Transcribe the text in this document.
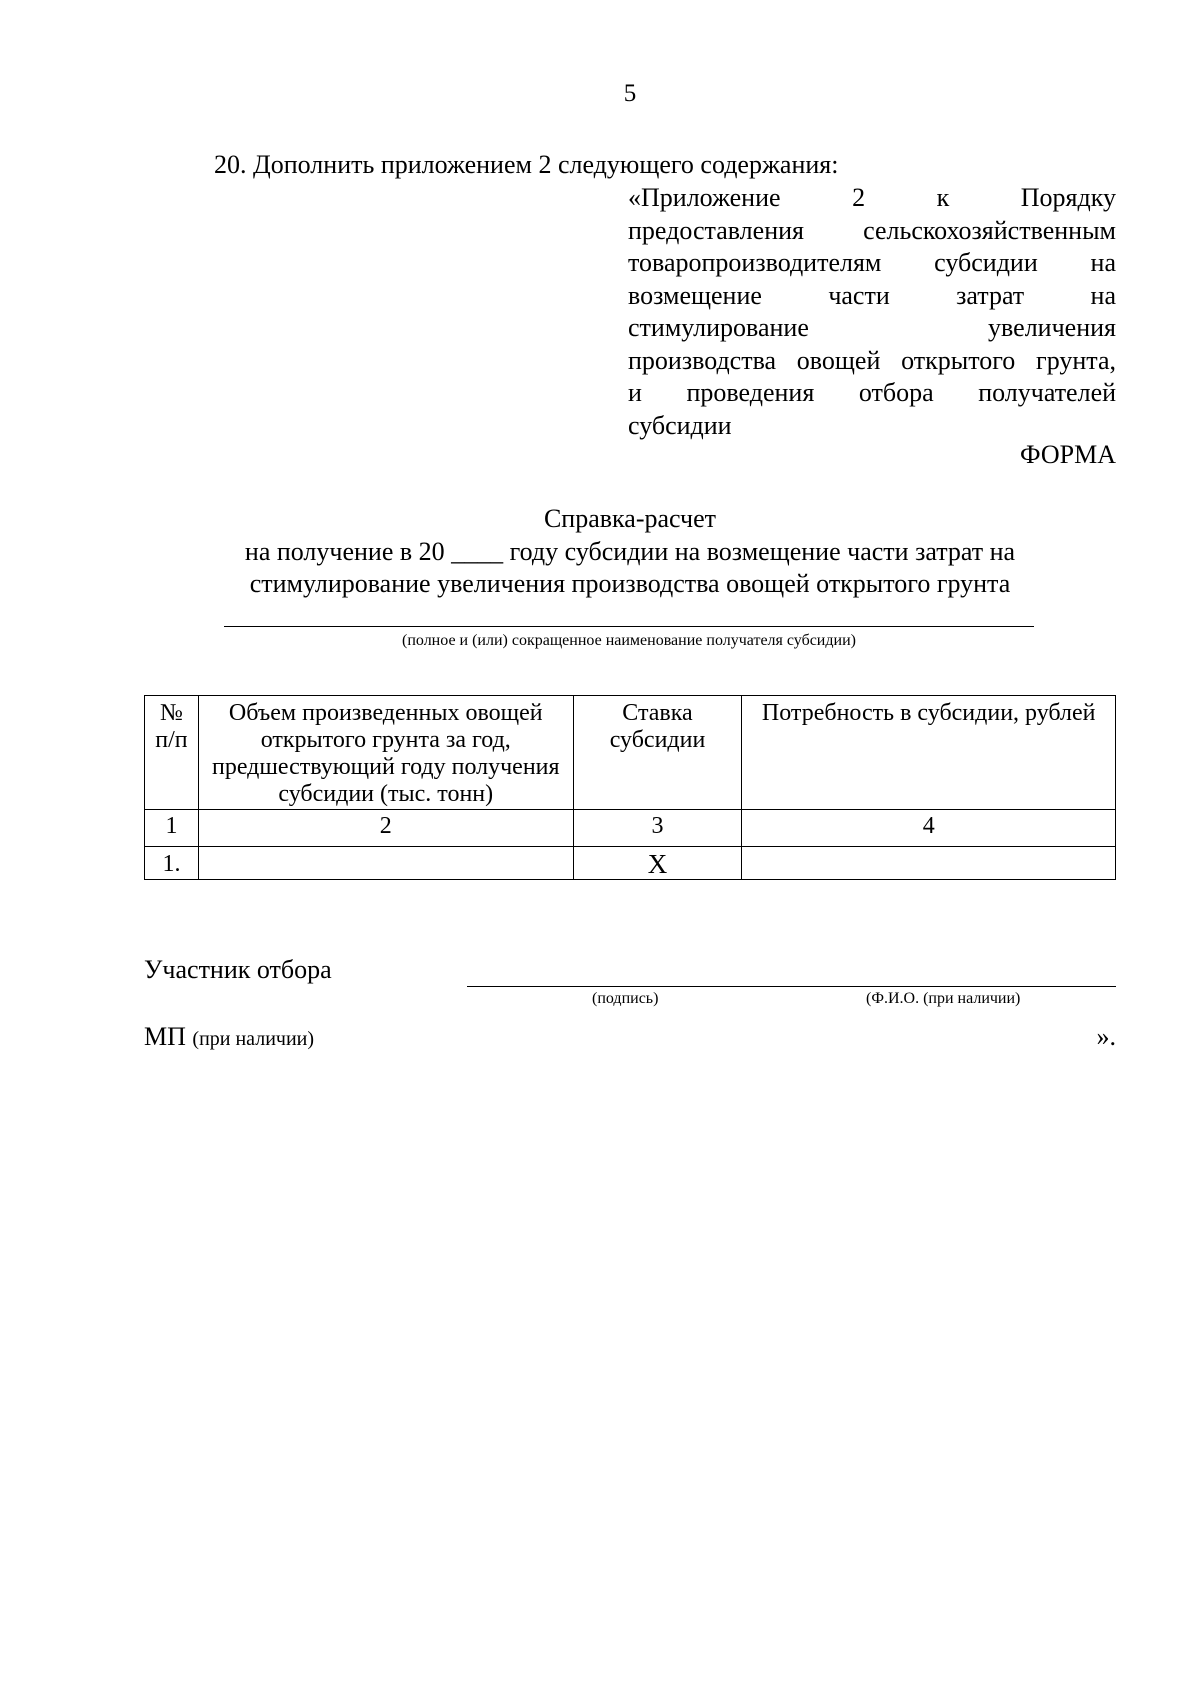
5
20. Дополнить приложением 2 следующего содержания:
«Приложение	2	к	Порядку
предоставления сельскохозяйственным
товаропроизводителям субсидии на
возмещение	части	затрат	на
стимулирование	увеличения
производства овощей открытого грунта,
и проведения отбора получателей
субсидии
ФОРМА
Справка-расчет
на получение в 20 ____ году субсидии на возмещение части затрат на
стимулирование увеличения производства овощей открытого грунта
(полное и (или) сокращенное наименование получателя субсидии)
№ п/п	Объем произведенных овощей открытого грунта за год, предшествующий году получения субсидии (тыс. тонн)	Ставка субсидии	Потребность в субсидии, рублей
1	2	3	4
1.		Х	
Участник отбора
(подпись)	(Ф.И.О. (при наличии)
МП (при наличии)	».
